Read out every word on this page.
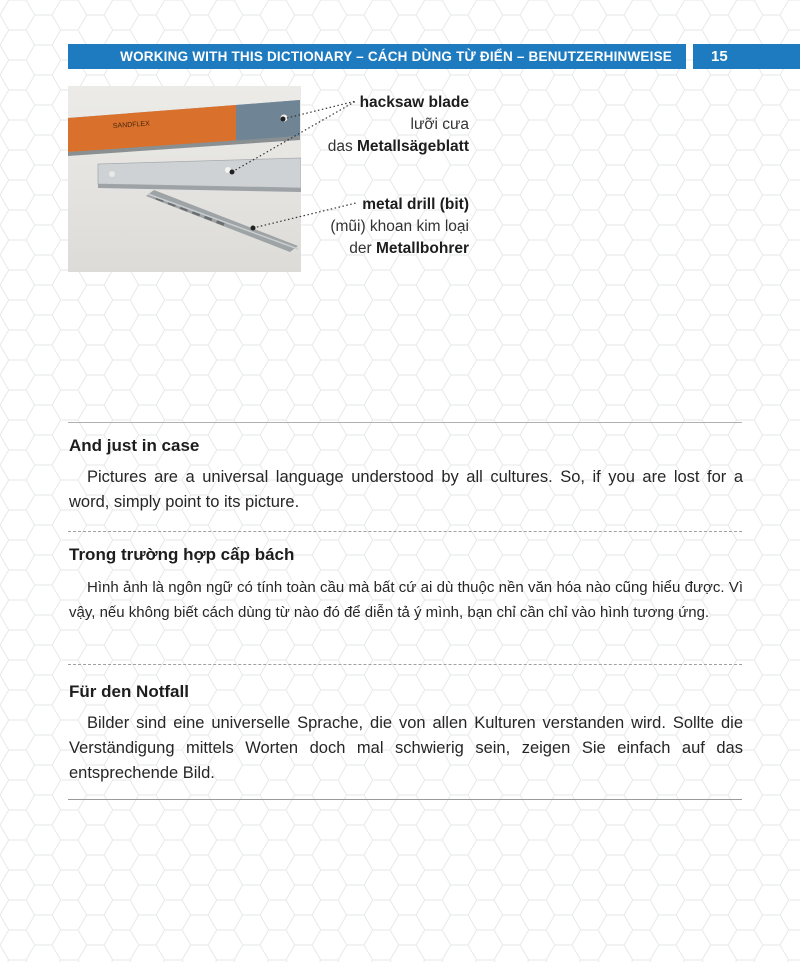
WORKING WITH THIS DICTIONARY – CÁCH DÙNG TỪ ĐIỂN – BENUTZERHINWEISE	15
SANDFLEX
hacksaw blade
lưỡi cưa
das Metallsägeblatt
metal drill (bit)
(mũi) khoan kim loại
der Metallbohrer
And just in case
Pictures are a universal language understood by all cultures. So, if you are lost for a word, simply point to its picture.
Trong trường hợp cấp bách
Hình ảnh là ngôn ngữ có tính toàn cầu mà bất cứ ai dù thuộc nền văn hóa nào cũng hiểu được. Vì vậy, nếu không biết cách dùng từ nào đó để diễn tả ý mình, bạn chỉ cần chỉ vào hình tương ứng.
Für den Notfall
Bilder sind eine universelle Sprache, die von allen Kulturen verstanden wird. Sollte die Verständigung mittels Worten doch mal schwierig sein, zeigen Sie einfach auf das entsprechende Bild.
